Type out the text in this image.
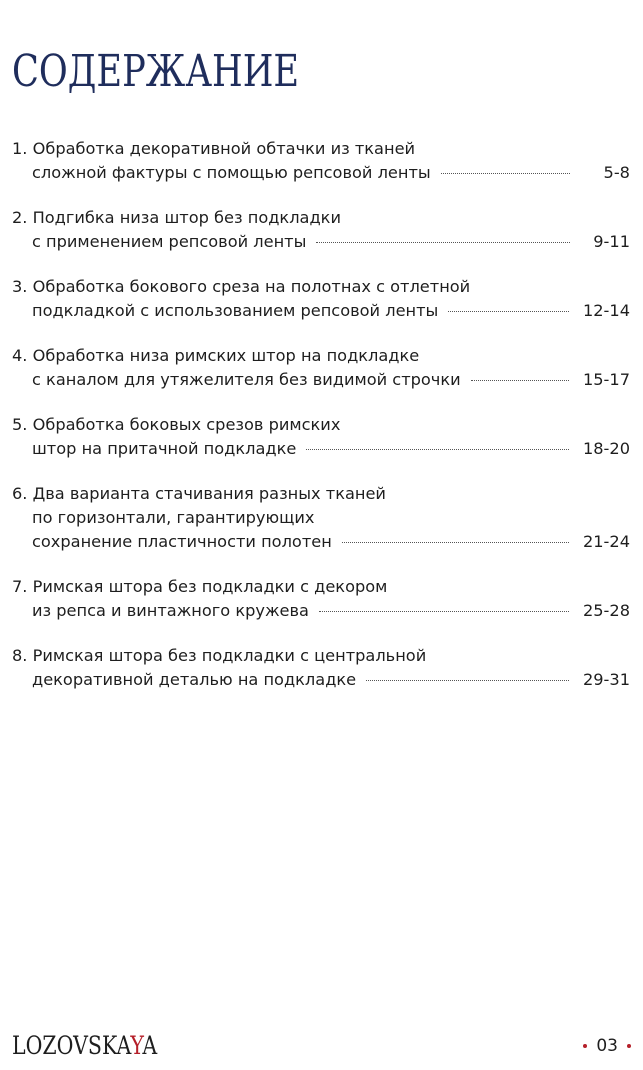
СОДЕРЖАНИЕ
1. Обработка декоративной обтачки из тканей
сложной фактуры с помощью репсовой ленты	5-8
2. Подгибка низа штор без подкладки
с применением репсовой ленты	9-11
3. Обработка бокового среза на полотнах с отлетной
подкладкой с использованием репсовой ленты	12-14
4. Обработка низа римских штор на подкладке
с каналом для утяжелителя без видимой строчки	15-17
5. Обработка боковых срезов римских
штор на притачной подкладке	18-20
6. Два варианта стачивания разных тканей
по горизонтали, гарантирующих
сохранение пластичности полотен	21-24
7. Римская штора без подкладки с декором
из репса и винтажного кружева	25-28
8. Римская штора без подкладки с центральной
декоративной деталью на подкладке	29-31
LOZOVSKAYA	03
